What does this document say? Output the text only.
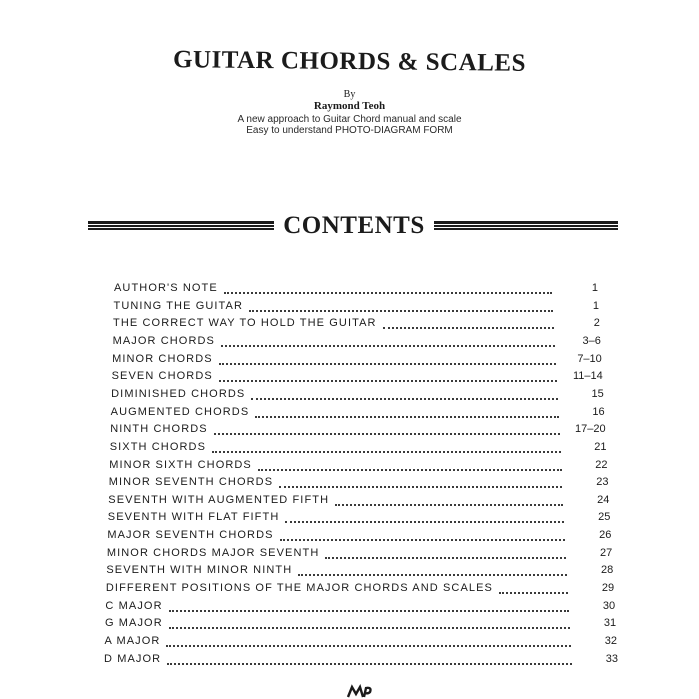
GUITAR CHORDS & SCALES
By
Raymond Teoh
A new approach to Guitar Chord manual and scale
Easy to understand PHOTO-DIAGRAM FORM
CONTENTS
AUTHOR'S NOTE	1
TUNING THE GUITAR	1
THE CORRECT WAY TO HOLD THE GUITAR	2
MAJOR CHORDS	3–6
MINOR CHORDS	7–10
SEVEN CHORDS	11–14
DIMINISHED CHORDS	15
AUGMENTED CHORDS	16
NINTH CHORDS	17–20
SIXTH CHORDS	21
MINOR SIXTH CHORDS	22
MINOR SEVENTH CHORDS	23
SEVENTH WITH AUGMENTED FIFTH	24
SEVENTH WITH FLAT FIFTH	25
MAJOR SEVENTH CHORDS	26
MINOR CHORDS MAJOR SEVENTH	27
SEVENTH WITH MINOR NINTH	28
DIFFERENT POSITIONS OF THE MAJOR CHORDS AND SCALES	29
C MAJOR	30
G MAJOR	31
A MAJOR	32
D MAJOR	33
